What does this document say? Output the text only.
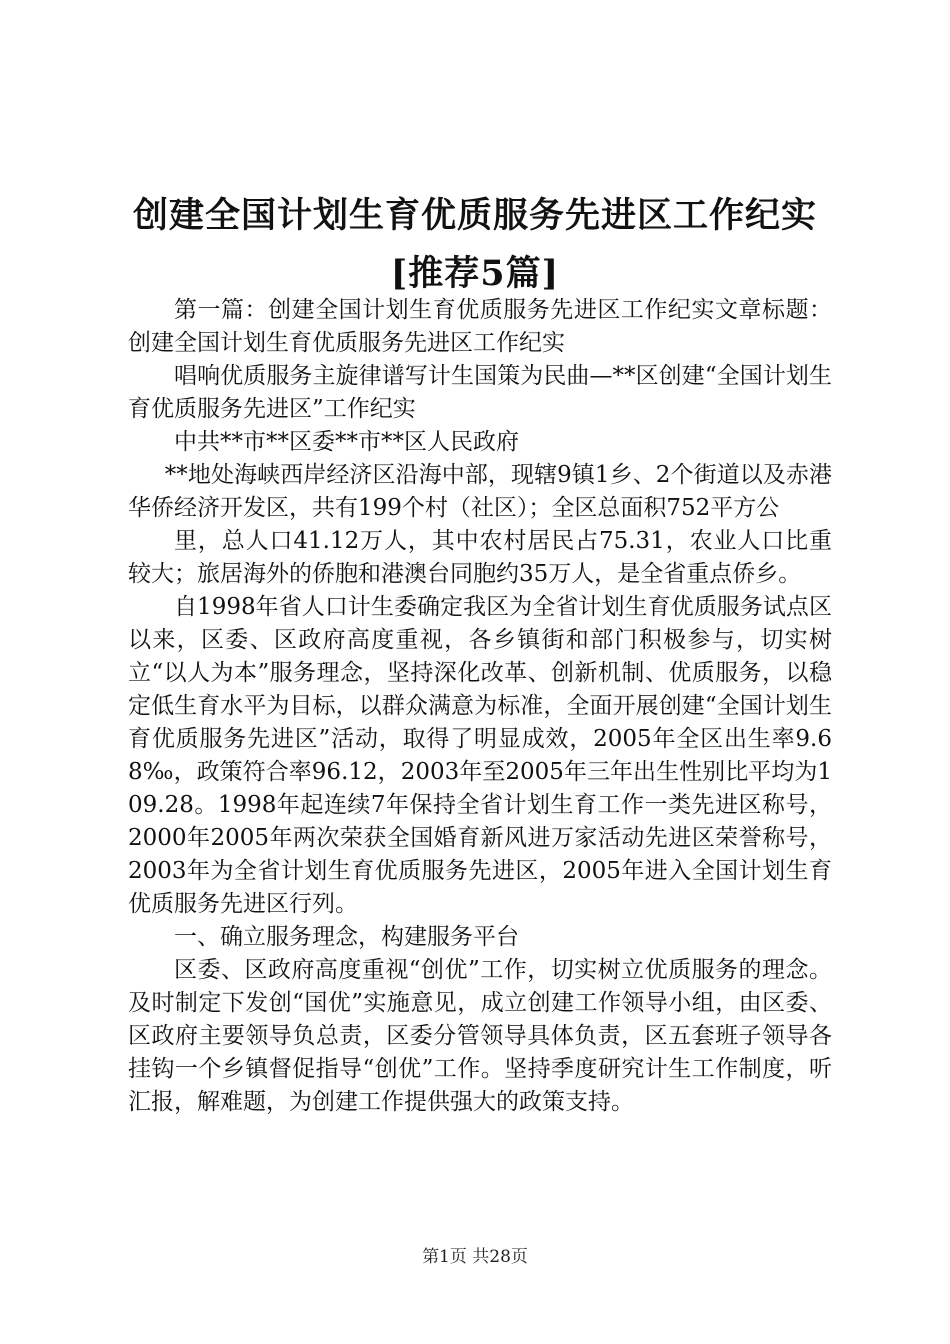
创建全国计划生育优质服务先进区工作纪实
[推荐5篇]

第一篇：创建全国计划生育优质服务先进区工作纪实文章标题：创建全国计划生育优质服务先进区工作纪实

唱响优质服务主旋律谱写计生国策为民曲—**区创建“全国计划生育优质服务先进区”工作纪实

中共**市**区委**市**区人民政府

**地处海峡西岸经济区沿海中部，现辖9镇1乡、2个街道以及赤港华侨经济开发区，共有199个村（社区）；全区总面积752平方公

里，总人口41.12万人，其中农村居民占75.31，农业人口比重较大；旅居海外的侨胞和港澳台同胞约35万人，是全省重点侨乡。

自1998年省人口计生委确定我区为全省计划生育优质服务试点区以来，区委、区政府高度重视，各乡镇街和部门积极参与，切实树立“以人为本”服务理念，坚持深化改革、创新机制、优质服务，以稳定低生育水平为目标，以群众满意为标准，全面开展创建“全国计划生育优质服务先进区”活动，取得了明显成效，2005年全区出生率9.68‰，政策符合率96.12，2003年至2005年三年出生性别比平均为109.28。1998年起连续7年保持全省计划生育工作一类先进区称号，2000年2005年两次荣获全国婚育新风进万家活动先进区荣誉称号，2003年为全省计划生育优质服务先进区，2005年进入全国计划生育优质服务先进区行列。

一、确立服务理念，构建服务平台

区委、区政府高度重视“创优”工作，切实树立优质服务的理念。及时制定下发创“国优”实施意见，成立创建工作领导小组，由区委、区政府主要领导负总责，区委分管领导具体负责，区五套班子领导各挂钩一个乡镇督促指导“创优”工作。坚持季度研究计生工作制度，听汇报，解难题，为创建工作提供强大的政策支持。

第1页 共28页
